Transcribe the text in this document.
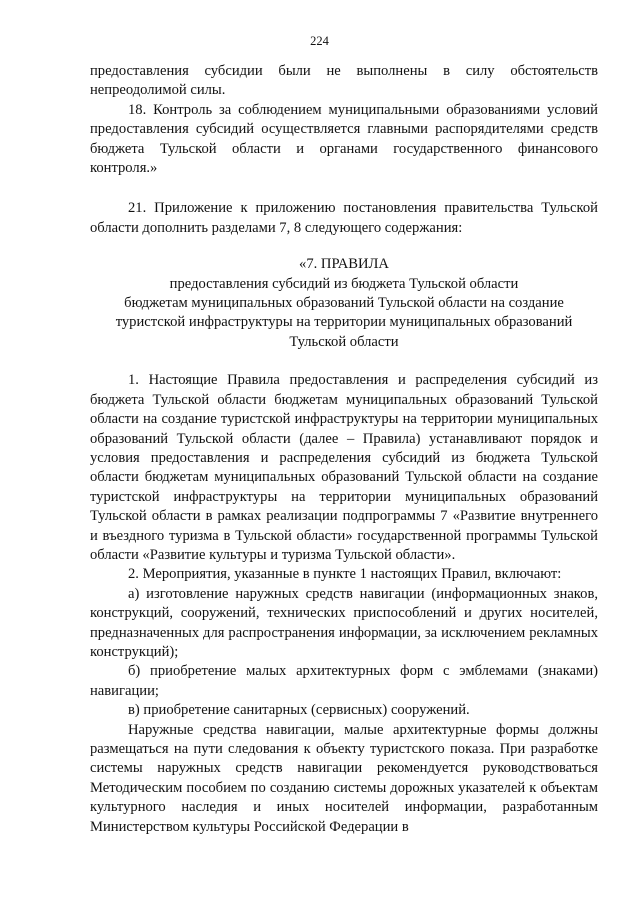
224

предоставления субсидии были не выполнены в силу обстоятельств непреодолимой силы.

18. Контроль за соблюдением муниципальными образованиями условий предоставления субсидий осуществляется главными распорядителями средств бюджета Тульской области и органами государственного финансового контроля.»

21. Приложение к приложению постановления правительства Тульской области дополнить разделами 7, 8 следующего содержания:

«7. ПРАВИЛА
предоставления субсидий из бюджета Тульской области
бюджетам муниципальных образований Тульской области на создание
туристской инфраструктуры на территории муниципальных образований
Тульской области

1. Настоящие Правила предоставления и распределения субсидий из бюджета Тульской области бюджетам муниципальных образований Тульской области на создание туристской инфраструктуры на территории муниципальных образований Тульской области (далее – Правила) устанавливают порядок и условия предоставления и распределения субсидий из бюджета Тульской области бюджетам муниципальных образований Тульской области на создание туристской инфраструктуры на территории муниципальных образований Тульской области в рамках реализации подпрограммы 7 «Развитие внутреннего и въездного туризма в Тульской области» государственной программы Тульской области «Развитие культуры и туризма Тульской области».

2. Мероприятия, указанные в пункте 1 настоящих Правил, включают:

а) изготовление наружных средств навигации (информационных знаков, конструкций, сооружений, технических приспособлений и других носителей, предназначенных для распространения информации, за исключением рекламных конструкций);

б) приобретение малых архитектурных форм с эмблемами (знаками) навигации;

в) приобретение санитарных (сервисных) сооружений.

Наружные средства навигации, малые архитектурные формы должны размещаться на пути следования к объекту туристского показа. При разработке системы наружных средств навигации рекомендуется руководствоваться Методическим пособием по созданию системы дорожных указателей к объектам культурного наследия и иных носителей информации, разработанным Министерством культуры Российской Федерации в
